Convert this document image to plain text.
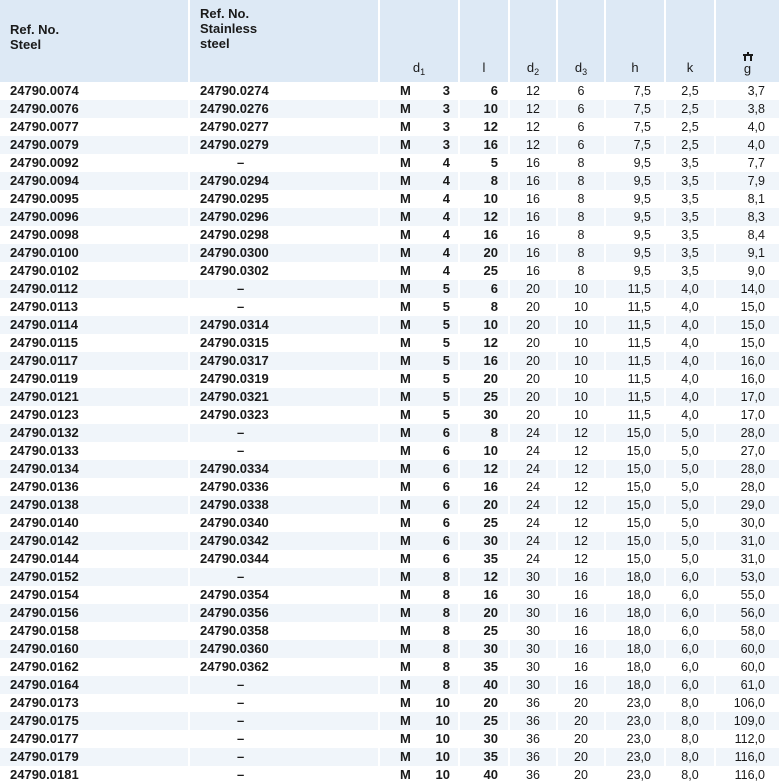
Ref. No.
Steel	Ref. No.
Stainless
steel	$d_1$	l	$d_2$	$d_3$	h	k	g

24790.0074	24790.0274	M 3	6	12	6	7,5	2,5	3,7
24790.0076	24790.0276	M 3	10	12	6	7,5	2,5	3,8
24790.0077	24790.0277	M 3	12	12	6	7,5	2,5	4,0
24790.0079	24790.0279	M 3	16	12	6	7,5	2,5	4,0
24790.0092	–	M 4	5	16	8	9,5	3,5	7,7
24790.0094	24790.0294	M 4	8	16	8	9,5	3,5	7,9
24790.0095	24790.0295	M 4	10	16	8	9,5	3,5	8,1
24790.0096	24790.0296	M 4	12	16	8	9,5	3,5	8,3
24790.0098	24790.0298	M 4	16	16	8	9,5	3,5	8,4
24790.0100	24790.0300	M 4	20	16	8	9,5	3,5	9,1
24790.0102	24790.0302	M 4	25	16	8	9,5	3,5	9,0
24790.0112	–	M 5	6	20	10	11,5	4,0	14,0
24790.0113	–	M 5	8	20	10	11,5	4,0	15,0
24790.0114	24790.0314	M 5	10	20	10	11,5	4,0	15,0
24790.0115	24790.0315	M 5	12	20	10	11,5	4,0	15,0
24790.0117	24790.0317	M 5	16	20	10	11,5	4,0	16,0
24790.0119	24790.0319	M 5	20	20	10	11,5	4,0	16,0
24790.0121	24790.0321	M 5	25	20	10	11,5	4,0	17,0
24790.0123	24790.0323	M 5	30	20	10	11,5	4,0	17,0
24790.0132	–	M 6	8	24	12	15,0	5,0	28,0
24790.0133	–	M 6	10	24	12	15,0	5,0	27,0
24790.0134	24790.0334	M 6	12	24	12	15,0	5,0	28,0
24790.0136	24790.0336	M 6	16	24	12	15,0	5,0	28,0
24790.0138	24790.0338	M 6	20	24	12	15,0	5,0	29,0
24790.0140	24790.0340	M 6	25	24	12	15,0	5,0	30,0
24790.0142	24790.0342	M 6	30	24	12	15,0	5,0	31,0
24790.0144	24790.0344	M 6	35	24	12	15,0	5,0	31,0
24790.0152	–	M 8	12	30	16	18,0	6,0	53,0
24790.0154	24790.0354	M 8	16	30	16	18,0	6,0	55,0
24790.0156	24790.0356	M 8	20	30	16	18,0	6,0	56,0
24790.0158	24790.0358	M 8	25	30	16	18,0	6,0	58,0
24790.0160	24790.0360	M 8	30	30	16	18,0	6,0	60,0
24790.0162	24790.0362	M 8	35	30	16	18,0	6,0	60,0
24790.0164	–	M 8	40	30	16	18,0	6,0	61,0
24790.0173	–	M 10	20	36	20	23,0	8,0	106,0
24790.0175	–	M 10	25	36	20	23,0	8,0	109,0
24790.0177	–	M 10	30	36	20	23,0	8,0	112,0
24790.0179	–	M 10	35	36	20	23,0	8,0	116,0
24790.0181	–	M 10	40	36	20	23,0	8,0	116,0
